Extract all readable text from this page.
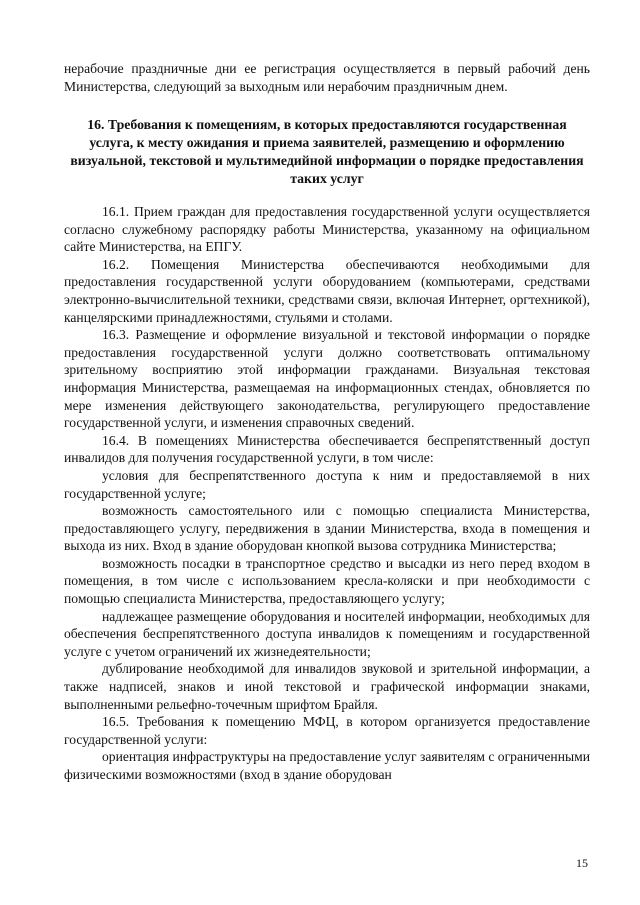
нерабочие праздничные дни ее регистрация осуществляется в первый рабочий день Министерства, следующий за выходным или нерабочим праздничным днем.

16. Требования к помещениям, в которых предоставляются государственная услуга, к месту ожидания и приема заявителей, размещению и оформлению визуальной, текстовой и мультимедийной информации о порядке предоставления таких услуг

16.1. Прием граждан для предоставления государственной услуги осуществляется согласно служебному распорядку работы Министерства, указанному на официальном сайте Министерства, на ЕПГУ.

16.2. Помещения Министерства обеспечиваются необходимыми для предоставления государственной услуги оборудованием (компьютерами, средствами электронно-вычислительной техники, средствами связи, включая Интернет, оргтехникой), канцелярскими принадлежностями, стульями и столами.

16.3. Размещение и оформление визуальной и текстовой информации о порядке предоставления государственной услуги должно соответствовать оптимальному зрительному восприятию этой информации гражданами. Визуальная текстовая информация Министерства, размещаемая на информационных стендах, обновляется по мере изменения действующего законодательства, регулирующего предоставление государственной услуги, и изменения справочных сведений.

16.4. В помещениях Министерства обеспечивается беспрепятственный доступ инвалидов для получения государственной услуги, в том числе:

условия для беспрепятственного доступа к ним и предоставляемой в них государственной услуге;

возможность самостоятельного или с помощью специалиста Министерства, предоставляющего услугу, передвижения в здании Министерства, входа в помещения и выхода из них. Вход в здание оборудован кнопкой вызова сотрудника Министерства;

возможность посадки в транспортное средство и высадки из него перед входом в помещения, в том числе с использованием кресла-коляски и при необходимости с помощью специалиста Министерства, предоставляющего услугу;

надлежащее размещение оборудования и носителей информации, необходимых для обеспечения беспрепятственного доступа инвалидов к помещениям и государственной услуге с учетом ограничений их жизнедеятельности;

дублирование необходимой для инвалидов звуковой и зрительной информации, а также надписей, знаков и иной текстовой и графической информации знаками, выполненными рельефно-точечным шрифтом Брайля.

16.5. Требования к помещению МФЦ, в котором организуется предоставление государственной услуги:

ориентация инфраструктуры на предоставление услуг заявителям с ограниченными физическими возможностями (вход в здание оборудован

15
